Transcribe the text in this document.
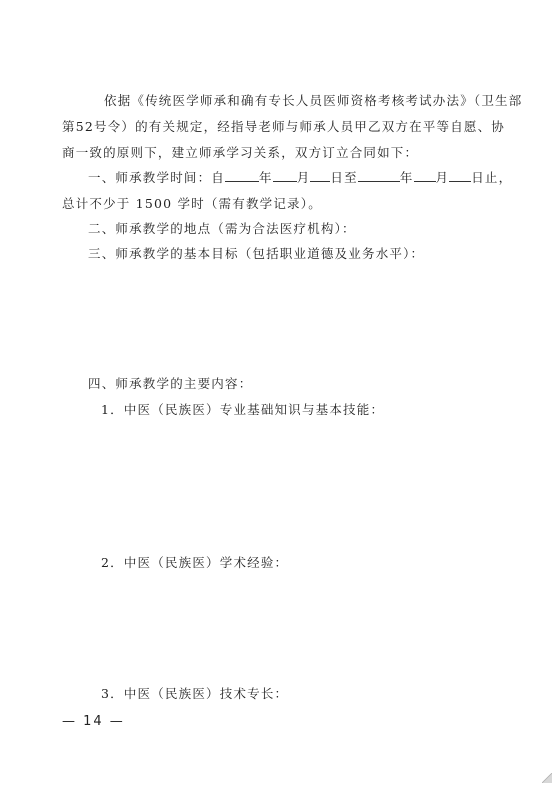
依据《传统医学师承和确有专长人员医师资格考核考试办法》（卫生部
第52号令）的有关规定，经指导老师与师承人员甲乙双方在平等自愿、协
商一致的原则下，建立师承学习关系，双方订立合同如下：
一、师承教学时间：自	年 月 日至	年 月 日止，
总计不少于 1500 学时（需有教学记录）。
二、师承教学的地点（需为合法医疗机构）：
三、师承教学的基本目标（包括职业道德及业务水平）：
四、师承教学的主要内容：
1．中医（民族医）专业基础知识与基本技能：
2．中医（民族医）学术经验：
3．中医（民族医）技术专长：
— 14 —
